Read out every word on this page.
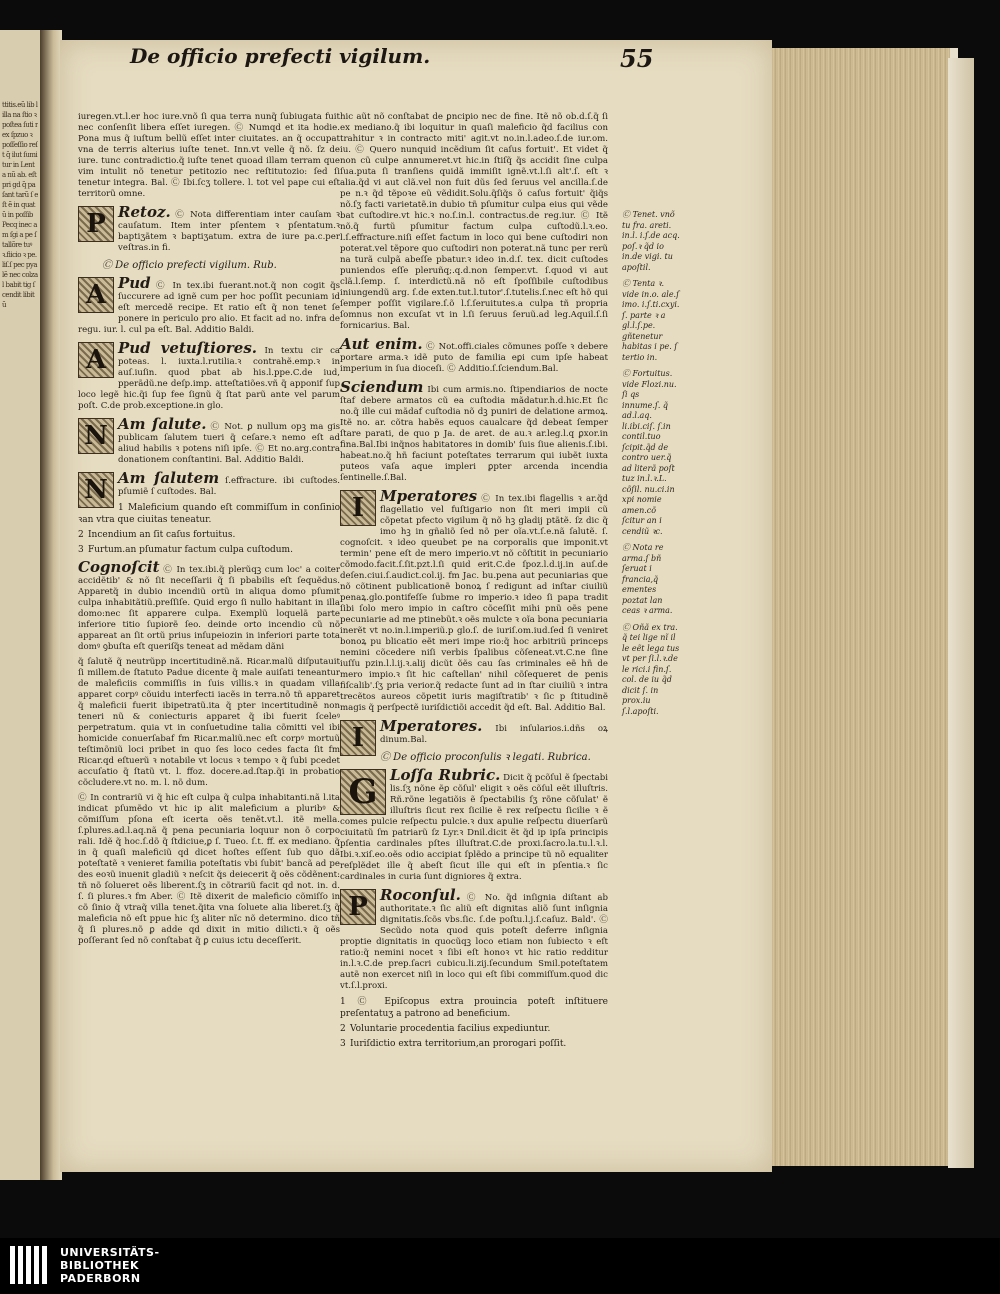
ttitis.eũ lib lilla na ſtio ꝛ poſtea ſuti rex ſpzuo ꝛ poſſeſſio reſt q̃ ilut ſumitur in Lenta nũ ab. eſt pri gd q̃ pa ſant tarũ ſ eſt ẽ in quatũ in poſſib Pecq inec am ſgi a pe ſtallõre tuꝰ ꝛ.fiicio ꝛ pe.liſ.ſ pec pyalẽ nec colzal babit tig ſcendit libitũ
De officio prefecti vigilum.	55

iuregen.vt.l.er hoc iure.vnõ ſi qua terra nunq̃ ſubiugata fuit nec conſenſit libera eſſet iuregen. Ⓒ Numqd et ita hodie. Pona mus q̃ iuſtum bellũ eſſet inter ciuitates. an q̃ occupat vna de terris alterius iuſte tenet. Inn.vt velle q̃ nõ. ſz de iure. tunc contradictio.q̃ iuſte tenet quoad illam terram que vim intulit nõ tenetur petitozio nec reſtitutozio: ſed ſi tenetur integra. Bal. Ⓒ Ibi.ſcʒ tollere. l. tot vel pape cui eſt territorũ omne.

P Retoz. Ⓒ Nota differentiam inter cauſam ꝛ cauſatum. Item inter pſentem ꝛ pſentatum.ꝛ baptiʒãtem ꝛ baptiʒatum. extra de iure pa.c.per veſtras.in fi.

Ⓒ De officio prefecti vigilum. Rub.

A Pud Ⓒ In tex.ibi fuerant.not.q̃ non cogit q̃s ſuccurere ad ignẽ cum per hoc poſſit pecuniam id eſt mercedẽ recipe. Et ratio eſt q̃ non tenet ſe ponere in periculo pro alio. Et facit ad no. infra de regu. iur. l. cul pa eſt. Bal. Additio Baldi.

A Pud vetuſtiores. In textu cir ca poteas. l. iuxta.l.rutilia.ꝛ contrahẽ.emp.ꝛ in auſ.iuſin. quod pbat ab his.l.ppe.C.de iud, pperãdũ.ne deſp.imp. atteſtatiões.vñ q̃ apponif ſup loco legẽ hic.q̃i ſup fee ſignũ q̃ ſtat parũ ante vel parum poſt. C.de prob.exceptione.in glo.

N Am ſalute. Ⓒ Not. ꝑ nullum opꝫ ma gis publicam ſalutem tueri q̃ ceſare.ꝛ nemo eſt ad aliud habilis ꝛ potens niſi ipſe. Ⓒ Et no.arg.contra donationem conſtantini. Bal. Additio Baldi.

N Am ſalutem ſ.effracture. ibi cuſtodes. pſumiẽ ſ cuſtodes. Bal.

1 Maleficium quando eſt commiſſum in conſinio ꝛan vtra que ciuitas teneatur.
2 Incendium an ſit caſus fortuitus.
3 Furtum.an pſumatur factum culpa cuſtodum.

Cognoſcit Ⓒ In tex.ibi.q̃ plerũqꝫ cum loc' a coiter accidẽtib' & nõ ſit neceſſarii q̃ ſi pbabilis eſt ſequẽdus. Apparetq̃ in dubio incendiũ ortũ in aliqua domo pſumit culpa inhabitãtiũ.preſſiſe. Quid ergo ſi nullo habitant in illa domo:nec ſit apparere culpa. Exemplũ loquelã parte inferiore titio ſupiorẽ ſeo. deinde orto incendio cũ nõ appareat an ſit ortũ prius inſupeiozin in inferiori parte tota domꝰ ꝯbuſta eſt queriſq̃s teneat ad mẽdam dãni

q̃ ſalutẽ q̃ neutrũpp incertitudinẽ.nã. Ricar.malũ diſputauit ſi millem.de ſtatuto Padue dicente q̃ male auiſati teneantur de maleficiis commiſſis in ſuis villis.ꝛ in quadam villa apparet corpꝰ cõuidu interfecti iacẽs in terra.nõ tñ apparet q̃ maleficii fuerit ibipetratũ.ita q̃ pter incertitudinẽ non teneri nũ & coniecturis apparet q̃ ibi fuerit ſceleꝰ perpetratum. quia vt in conſuetudine talia cõmitti vel ibi homicide conuerſabaf fm Ricar.maliũ.nec eſt corpꝰ mortuũ teſtimõniũ loci pribet in quo ſes loco cedes facta ſit fm Ricar.qd eſtuerũ ꝛ notabile vt locus ꝛ tempo ꝛ q̃ ſubi pcedet accuſatio q̃ ſtatũ vt. l. ffoz. docere.ad.ſtap.q̃i in probatio cõcludere.vt no. m. l. nõ dum.

Ⓒ In contrariũ vi q̃ hic eſt culpa q̃ culpa inhabitanti.nã l.ita indicat pſumẽdo vt hic ip alit maleficium a pluribꝰ & cõmiſſum pſona eſt icerta oẽs tenẽt.vt.l. itẽ mella. ſ.plures.ad.l.aq.nã q̃ pena pecuniaria loquur non õ corpo rali. Idẽ q̃ hoc.ſ.dõ q̃ ſtdiciue,ꝑ ſ. Tueo. ſ.t. ff. ex mediano. q̃ in q̃ quaſi maleficiũ qd dicet hoſtes eſſent ſub quo dã poteſtatẽ ꝛ venieret familia poteſtatis vbi ſubit' bancã ad pe des eoꝛũ inuenit gladiũ ꝛ neſcit q̃s deiecerit q̃ oẽs cõdẽnent: tñ nõ ſolueret oẽs liberent.ſʒ in cõtrariũ facit qd not. in. d. ſ. ſi plures.ꝛ fm Aber. Ⓒ Itẽ dixerit de maleficio cõmiſſo in cõ ſinio q̃ vtraq̃ villa tenet.q̃ita vna ſoluete alia liberet.ſʒ q̃ maleficia nõ eſt ppue hic ſʒ aliter nĩc nõ determino. dico tñ q̃ ſi plures.nõ ꝑ adde qd dixit in mitio dilicti.ꝛ q̃ oẽs poſſerant ſed nõ conſtabat q̃ ꝑ cuius ictu deceſſerit.

hic aũt nõ conſtabat de ꝑncipio nec de fine. Itẽ nõ ob.d.ſ.q̃ ſi ex mediano.q̃ ibi loquitur in quaſi maleficio q̃d facilius con trahitur ꝛ in contracto miti' agit.vt no.in.l.adeo.ſ.de iur.om. iu. Ⓒ Quero nunquid incẽdium ſit caſus fortuit'. Et videt q̃ non cũ culpe annumeret.vt hic.in ſtiſq̃ q̃s accidit ſine culpa ſua.puta ſi tranſiens quidã immiſit ignẽ.vt.l.ſi alt'.ſ. eſt ꝛ alia.q̃d vi aut clã.vel non fuit dũs ſed ſeruus vel ancilla.ſ.de pe n.ꝛ q̃d tẽpoꝛe eũ vẽdidit.Solu.q̃ſiq̃s õ caſus fortuit' q̃iq̃s nõ.ſʒ facti varietatẽ.in dubio tñ pſumitur culpa eius qui vẽde bat cuſtodire.vt hic.ꝛ no.ſ.in.l. contractus.de reg.iur. Ⓒ Itẽ nõ.q̃ furtũ pſumitur factum culpa cuſtodũ.l.ꝛ.eo. l.ſ.effracture.niſi eſſet factum in loco qui bene cuſtodiri non poterat.vel tẽpore quo cuſtodiri non poterat.nã tunc per rerũ na turã culpã abeſſe pbatur.ꝛ ideo in.d.ſ. tex. dicit cuſtodes puniendos eſſe pleruñq;.q.d.non ſemper.vt. ſ.quod vi aut clã.l.ſemp. ſ. interdictũ.nã nõ eſt ſpoſſibile cuſtodibus iniungendũ arg. ſ.de exten.tut.l.tutor'.ſ.tutelis.ſ.nec eſt hõ qui ſemper poſſit vigilare.ſ.õ l.ſ.ſeruitutes.a culpa tñ propria ſomnus non excuſat vt in l.ſi ſeruus ſeruũ.ad leg.Aquil.ſ.ſi fornicarius. Bal.

Aut enim. Ⓒ Not.offi.ciales cõmunes poſſe ꝛ debere portare arma.ꝛ idẽ puto de familia eꝑi cum ipſe habeat imperium in ſua dioceſi. Ⓒ Additio.ſ.ſciendum.Bal.

Sciendum Ibi cum armis.no. ſtipendiarios de nocte ſtaf debere armatos cũ ea cuſtodia mãdatur.h.d.hic.Et ſic no.q̃ ille cui mãdaf cuſtodia nõ dꝫ puniri de delatione armoꝝ. Itẽ no. ar. cõtra habẽs equos caualcare q̃d debeat ſemper ſtare parati, de quo p Ja. de aret. de au.ꝛ ar.leg.l.q ꝑxor.in fina.Bal.Ibi inq̃nos habitatores in domib' ſuis ſiue alienis.ſ.ibi. habeat.no.q̃ hñ faciunt poteſtates terrarum qui iubẽt iuxta puteos vaſa aque impleri ꝑpter arcenda incendia ſentinelle.ſ.Bal.

I	Mperatores Ⓒ In tex.ibi flagellis ꝛ ar.q̃d flagellatio vel fuſtigario non ſit meri impii cũ cõpetat pfecto vigilum q̃ nõ hꝫ gladij ptãtẽ. ſz dic q̃ imo hꝫ in gñaliõ ſed nõ per oĩa.vt.ſ.e.nã ſalutẽ. ſ. cognoſcit. ꝛ ideo queubet pe na corporalis que imponit.vt termin' pene eſt de mero imperio.vt nõ cõſtitit in pecuniario cõmodo.facit.ſ.ſit.pzt.l.ſi quid erit.C.de ſpoz.l.d.ij.in auſ.de deſen.ciui.ſ.audict.col.ij. fm Jac. bu.pena aut pecuniarias que nõ cõtinent publicationẽ bonoꝝ ſ redigunt ad inſtar ciuiliũ penaꝝ.glo.pontifeſſe ſubme ro imperio.ꝛ ideo ſi papa tradit ſibi ſolo mero impio in caſtro cõceſſit mihi pnũ oẽs pene pecuniarie ad me ptinebũt.ꝛ oẽs mulcte ꝛ oĩa bona pecuniaria inerẽt vt no.in.l.imperiũ.p glo.ſ. de iuriſ.om.iud.ſed ſi veniret bonoꝝ pu blicatio eẽt meri impe rio:q̃ hoc arbitriũ princeps nemini cõcedere niſi verbis ſpalibus cõſeneat.vt.C.ne ſine iuſſu pzin.l.l.ij.ꝛ.alij dicũt õẽs cau ſas criminales eẽ hñ de mero impio.ꝛ ſit hic caſtellan' nihil cõſequeret de penis fiſcalib'.ſʒ pria verior.q̃ redacte ſunt ad in ſtar ciuiliũ ꝛ intra trecẽtos aureos cõpetit iuris magiſtratib' ꝛ ſic p ſtitudinẽ magis q̃ perſpectẽ iuriſdictiõi accedit q̃d eſt. Bal. Additio Bal.

I	Mperatores. Ibi inſularios.i.dñs oꝝ dinum.Bal.

Ⓒ De officio proconſulis ꝛ legati. Rubrica.

G Loſſa Rubric. Dicit q̃ pcõſul ẽ ſpectabi lis.ſʒ nõne ẽꝑ cõſul' eligit ꝛ oẽs cõſul eẽt illuſtris. Rñ.rõne legatiõis ẽ ſpectabilis ſʒ rõne cõſulat' ẽ illuſtris ſicut rex ſicilie ẽ rex reſpectu ſicilie ꝛ ẽ comes pulcie reſpectu pulcie.ꝛ dux apulie reſpectu diuerſarũ ciuitatũ ſm patriarũ ſz Lyr.ꝛ Dnil.dicit ẽt q̃d ip ipſa principis pſentia cardinales pſtes illuſtrat.C.de proxi.ſacro.la.tu.l.ꝛ.l. Ibi.ꝛ.xiſ.eo.oẽs odio accipiat ſplẽdo a principe tũ nõ equaliter reſplẽdet ille q̃ abeſt ſicut ille qui eſt in pſentia.ꝛ ſic cardinales in curia ſunt digniores q̃ extra.

P Roconſul. Ⓒ No. q̃d inſignia diſtant ab authoritate.ꝛ ſic aliũ eſt dignitas aliõ ſunt inſignia dignitatis.ſcõs vbs.ſic. ſ.de poſtu.l.j.ſ.caſuz. Bald'. Ⓒ Secũdo nota quod quis poteſt deferre inſignia proptie dignitatis in quocũqꝫ loco etiam non ſubiecto ꝛ eſt ratio:q̃ nemini nocet ꝛ ſibi eſt honoꝛ vt hic ratio redditur in.l.ꝛ.C.de prep.ſacri cubicu.li.zij.ſecundum Smil.poteſtatem autẽ non exercet niſi in loco qui eſt ſibi commiſſum.quod dic vt.ſ.l.proxi.

1 Ⓒ Epiſcopus extra prouincia poteſt inſtituere preſentatuʒ a patrono ad beneficium.
2 Voluntarie procedentia facilius expediuntur.
3 Iuriſdictio extra territorium,an prorogari poſſit.

Ⓒ Tenet. vnõ tu fra. areti. in.l. i.ſ.de acq. poſ.ꝛ q̃d io in.de vigi. tu apoſtil.

Ⓒ Tenta ꝛ. vide in.o. ale.ſ imo. i.ſ.ti.cxyi. ſ. parte ꝛ a gl.l.ſ.pe. gñtenetur habitas i pe. ſ tertio in.

Ⓒ Fortuitus. vide Flozi.nu. ſi qs innume.ſ. q̃ ad.l.aq. li.ibi.ciſ. ſ.in contil.tuo ſcipit.q̃d de contro uer.q̃ ad literã poſt tuz in.l.ꝛ.L. cõſil. nu.ci.in xpi nomie amen.cõ ſcitur an i cendiũ ꝛc.

Ⓒ Nota re arma.ſ bñ ſeruat i francia,q̃ ementes poztat lan ceas ꝛ arma.

Ⓒ Oñã ex tra. q̃ tei lige nĩ il le eẽt lega tus vt per ſi.l.ꝛ.de le rici.i fin.ſ. col. de iu q̃d dicit ſ. in prox.iu ſ.l.apoſti.

UNIVERSITÄTS-
BIBLIOTHEK
PADERBORN
